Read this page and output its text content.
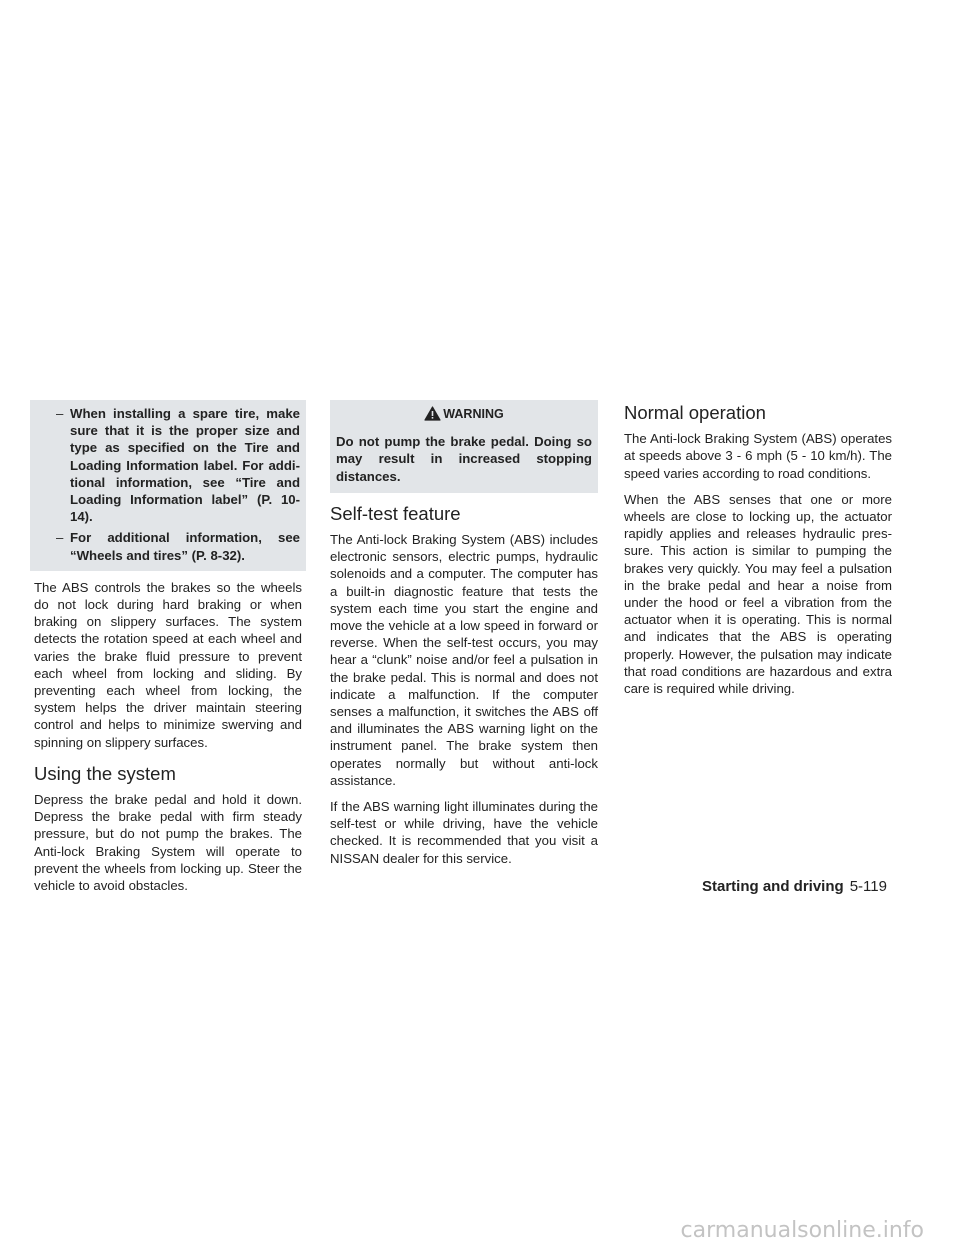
– When installing a spare tire, make sure that it is the proper size and type as specified on the Tire and Loading Information label. For additional information, see “Tire and Loading Information label” (P. 10-14).
– For additional information, see “Wheels and tires” (P. 8-32).

The ABS controls the brakes so the wheels do not lock during hard braking or when braking on slippery surfaces. The system detects the rotation speed at each wheel and varies the brake fluid pressure to prevent each wheel from locking and sliding. By preventing each wheel from locking, the system helps the driver maintain steering control and helps to minimize swerving and spinning on slippery surfaces.

Using the system

Depress the brake pedal and hold it down. Depress the brake pedal with firm steady pressure, but do not pump the brakes. The Anti-lock Braking System will operate to prevent the wheels from locking up. Steer the vehicle to avoid obstacles.

WARNING
Do not pump the brake pedal. Doing so may result in increased stopping distances.
Self-test feature

The Anti-lock Braking System (ABS) includes electronic sensors, electric pumps, hydraulic solenoids and a computer. The computer has a built-in diagnostic feature that tests the system each time you start the engine and move the vehicle at a low speed in forward or reverse. When the self-test occurs, you may hear a “clunk” noise and/or feel a pulsation in the brake pedal. This is normal and does not indicate a malfunction. If the computer senses a malfunction, it switches the ABS off and illuminates the ABS warning light on the instrument panel. The brake system then operates normally but without anti-lock assistance.

If the ABS warning light illuminates during the self-test or while driving, have the vehicle checked. It is recommended that you visit a NISSAN dealer for this service.

Normal operation

The Anti-lock Braking System (ABS) operates at speeds above 3 - 6 mph (5 - 10 km/h). The speed varies according to road conditions.

When the ABS senses that one or more wheels are close to locking up, the actuator rapidly applies and releases hydraulic pressure. This action is similar to pumping the brakes very quickly. You may feel a pulsation in the brake pedal and hear a noise from under the hood or feel a vibration from the actuator when it is operating. This is normal and indicates that the ABS is operating properly. However, the pulsation may indicate that road conditions are hazardous and extra care is required while driving.

Starting and driving 5-119
carmanualsonline.info
